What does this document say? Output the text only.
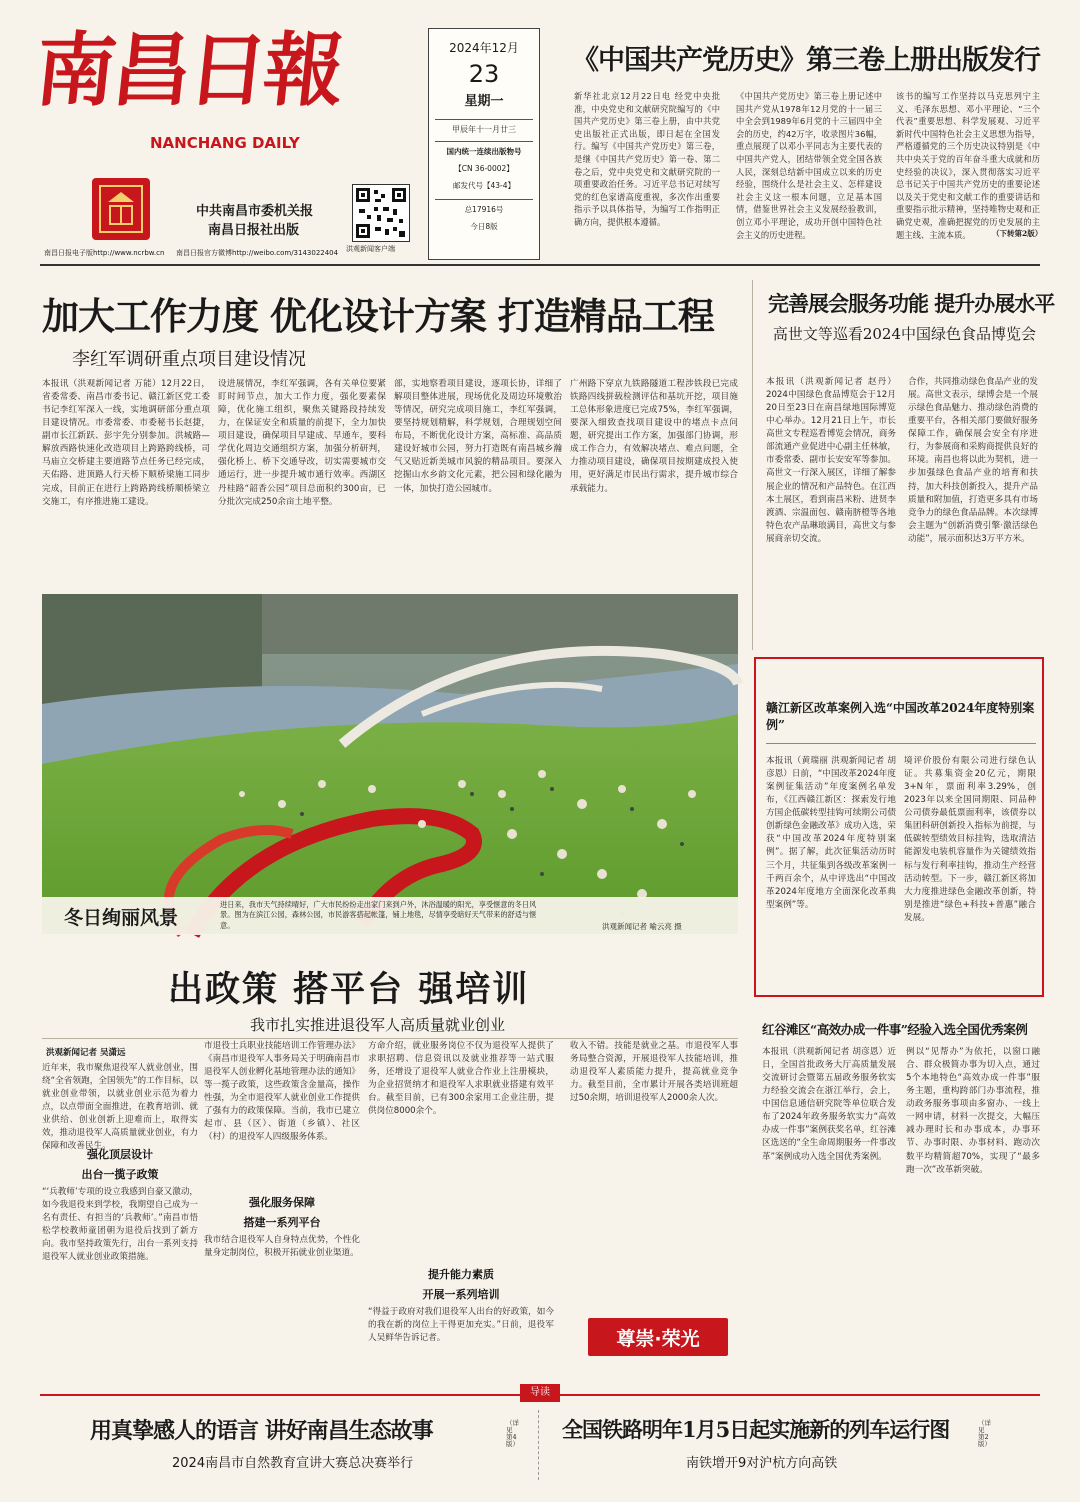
南昌日報
NANCHANG DAILY
中共南昌市委机关报
南昌日报社出版
洪观新闻客户端
2024年12月
23
星期一
甲辰年十一月廿三
国内统一连续出版物号
【CN 36-0002】
邮发代号【43-4】
总17916号
今日8版
《中国共产党历史》第三卷上册出版发行
新华社北京12月22日电 经党中央批准，中央党史和文献研究院编写的《中国共产党历史》第三卷上册，由中共党史出版社正式出版，即日起在全国发行。编写《中国共产党历史》第三卷，是继《中国共产党历史》第一卷、第二卷之后，党中央党史和文献研究院的一项重要政治任务。习近平总书记对续写党的红色家谱高度重视，多次作出重要指示予以具体指导，为编写工作指明正确方向，提供根本遵循。
《中国共产党历史》第三卷上册记述中国共产党从1978年12月党的十一届三中全会到1989年6月党的十三届四中全会的历史，约42万字，收录图片36幅，重点展现了以邓小平同志为主要代表的中国共产党人，团结带领全党全国各族人民，深刻总结新中国成立以来的历史经验，围绕什么是社会主义、怎样建设社会主义这一根本问题，立足基本国情，借鉴世界社会主义发展经验教训，创立邓小平理论，成功开创中国特色社会主义的历史进程。
该书的编写工作坚持以马克思列宁主义、毛泽东思想、邓小平理论、“三个代表”重要思想、科学发展观、习近平新时代中国特色社会主义思想为指导，严格遵循党的三个历史决议特别是《中共中央关于党的百年奋斗重大成就和历史经验的决议》，深入贯彻落实习近平总书记关于中国共产党历史的重要论述以及关于党史和文献工作的重要讲话和重要指示批示精神，坚持唯物史观和正确党史观，准确把握党的历史发展的主题主线、主流本质。	（下转第2版）
南昌日报电子版http://www.ncrbw.cn 南昌日报官方微博http://weibo.com/3143022404
加大工作力度 优化设计方案 打造精品工程
李红军调研重点项目建设情况
本报讯（洪观新闻记者 万能）12月22日，省委常委、南昌市委书记、赣江新区党工委书记李红军深入一线，实地调研部分重点项目建设情况。市委常委、市委秘书长赵捷，副市长江新跃、彭宇先分别参加。洪城路—解放西路快速化改造项目上跨路跨线桥，司马庙立交桥建主要道路节点任务已经完成，天佑路、进顶路人行天桥下顺桥梁施工同步完成，目前正在进行上跨路跨线桥顺桥梁立交施工，有序推进施工建设。
设进展情况，李红军强调，各有关单位要紧盯时间节点，加大工作力度，强化要素保障，优化施工组织，聚焦关键路段持续发力，在保证安全和质量的前提下，全力加快项目建设，确保项目早建成、早通车，要科学优化周边交通组织方案，加强分析研判，强化桥上、桥下交通导改，切实需要城市交通运行，进一步提升城市通行效率。西湖区丹桂路“韶香公园”项目总面积约300亩，已分批次完成250余亩土地平整。
部，实地察看项目建设，逐项长协，详细了解项目整体进展，现场优化及周边环境敷治等情况，研究完成项目施工，李红军强调，要坚持规划精解，科学规划，合理规划空间布局，不断优化设计方案，高标准、高品质建设好城市公园，努力打造既有南昌城乡瀚气又贴近新美城市风貌的精品项目。要深入挖掘山水乡韵文化元素，把公园和绿化融为一体，加快打造公园城市。
广州路下穿京九铁路隧道工程涉铁段已完成铁路四线拼载检测评估和基坑开挖，项目施工总体形象进度已完成75%，李红军强调，要深入细致查找项目建设中的堵点卡点问题，研究提出工作方案，加强部门协调，形成工作合力，有效解决堵点、难点问题，全力推动项目建设，确保项目按期建成投入使用，更好满足市民出行需求，提升城市综合承载能力。
冬日绚丽风景
进日来，我市天气持续晴好，广大市民纷纷走出家门来到户外，沐浴温暖的阳光，享受惬意的冬日风景。图为在滨江公园，森林公园，市民游客搭起帐篷，铺上地毯，尽情享受暗好天气带来的舒适与惬意。	洪观新闻记者 喻云亮 摄
完善展会服务功能 提升办展水平
高世文等巡看2024中国绿色食品博览会
本报讯（洪观新闻记者 赵丹）2024中国绿色食品博览会于12月20日至23日在南昌绿地国际博览中心举办。12月21日上午，市长高世文专程巡看博览会情况，商务部流通产业促进中心副主任林敏，市委常委、副市长安安军等参加。高世文一行深入展区，详细了解参展企业的情况和产品特色。在江西本土展区，看到南昌米粉、进贤李渡酒、宗温面包、赣南脐橙等各地特色农产品琳琅满目，高世文与参展商亲切交流。
合作，共同推动绿色食品产业的发展。高世文表示，绿博会是一个展示绿色食品魅力、推动绿色消费的重要平台，各相关部门要做好服务保障工作，确保展会安全有序进行，为参展商和采购商提供良好的环境。南昌也将以此为契机，进一步加强绿色食品产业的培育和扶持，加大科技创新投入，提升产品质量和附加值，打造更多具有市场竞争力的绿色食品品牌。本次绿博会主题为“创新消费引擎·激活绿色动能”，展示面积达3万平方米。
赣江新区改革案例入选“中国改革2024年度特别案例”
本报讯（黄瑞丽 洪观新闻记者 胡彦恩）日前，“中国改革2024年度案例征集活动”年度案例名单发布，《江西赣江新区：探索发行地方国企低碳转型挂钩可续期公司债 创新绿色金融改革》成功入选，荣获“中国改革2024年度特别案例”。据了解，此次征集活动历时三个月，共征集到各级改革案例一千两百余个，从中评选出“中国改革2024年度地方全面深化改革典型案例”等。
境评价股份有限公司进行绿色认证。共募集资金20亿元，期限3+N年，票面利率3.29%，创2023年以来全国同期限、同品种公司债券最低票面利率，该债券以集团科研创新投入指标为前提，与低碳转型绩效目标挂钩，选取清洁能源发电装机容量作为关键绩效指标与发行利率挂钩，推动生产经营活动转型。下一步，赣江新区将加大力度推进绿色金融改革创新，特别是推进“绿色+科技+普惠”融合发展。
出政策 搭平台 强培训
我市扎实推进退役军人高质量就业创业
洪观新闻记者 吴潇远
近年来，我市聚焦退役军人就业创业，围绕“全省领跑，全国领先”的工作目标，以就业创业带领，以就业创业示范为着力点，以点带面全面推进，在教育培训、就业供给、创业创新上迎难而上，取得实效，推动退役军人高质量就业创业，有力保障和改善民生。
强化顶层设计
出台一揽子政策
“‘兵教师’专项的设立我感到自豪又激动，如今我退役来到学校，我期望自己成为一名有责任、有担当的‘兵教师’。”南昌市悟松学校教师童团朝为退役后找到了新方向。我市坚持政策先行，出台一系列支持退役军人就业创业政策措施。
市退役士兵职业技能培训工作管理办法》《南昌市退役军人事务局关于明确南昌市退役军人创业孵化基地管理办法的通知》等一揽子政策，这些政策含金量高，操作性强，为全市退役军人就业创业工作提供了强有力的政策保障。当前，我市已建立起市、县（区）、街道（乡镇）、社区（村）的退役军人四级服务体系。
强化服务保障
搭建一系列平台
我市结合退役军人自身特点优势，个性化量身定制岗位，积极开拓就业创业渠道。
方命介绍，就业服务岗位不仅为退役军人提供了求职招聘、信息资讯以及就业推荐等一站式服务，还增设了退役军人就业合作业上注册模块，为企业招贤纳才和退役军人求职就业搭建有效平台。截至目前，已有300余家用工企业注册，提供岗位8000余个。
提升能力素质
开展一系列培训
“得益于政府对我们退役军人出台的好政策，如今的我在新的岗位上干得更加充实。”日前，退役军人吴鲜华告诉记者。
收入不错。技能是就业之基。市退役军人事务局整合资源，开展退役军人技能培训，推动退役军人素质能力提升，提高就业竞争力。截至目前，全市累计开展各类培训班超过50余期，培训退役军人2000余人次。
尊崇·荣光
红谷滩区“高效办成一件事”经验入选全国优秀案例
本报讯（洪观新闻记者 胡彦恩）近日，全国首批政务大厅高质量发展交流研讨会暨第五届政务服务软实力经验交流会在浙江举行，会上，中国信息通信研究院等单位联合发布了2024年政务服务软实力“高效办成一件事”案例获奖名单，红谷滩区选送的“全生命周期服务一件事改革”案例成功入选全国优秀案例。
例以“见帮办”为依托，以窗口融合、群众极简办事为切入点，通过5个本地特色“高效办成一件事”服务主题，重构跨部门办事流程，推动政务服务事项由多窗办、一线上一网申请，材料一次提交，大幅压减办理时长和办事成本，办事环节、办事时限、办事材料、跑动次数平均精简超70%，实现了“最多跑一次”改革新突破。
导读
用真挚感人的语言 讲好南昌生态故事	（详见第4版）
2024南昌市自然教育宣讲大赛总决赛举行
全国铁路明年1月5日起实施新的列车运行图	（详见第2版）
南铁增开9对沪杭方向高铁
